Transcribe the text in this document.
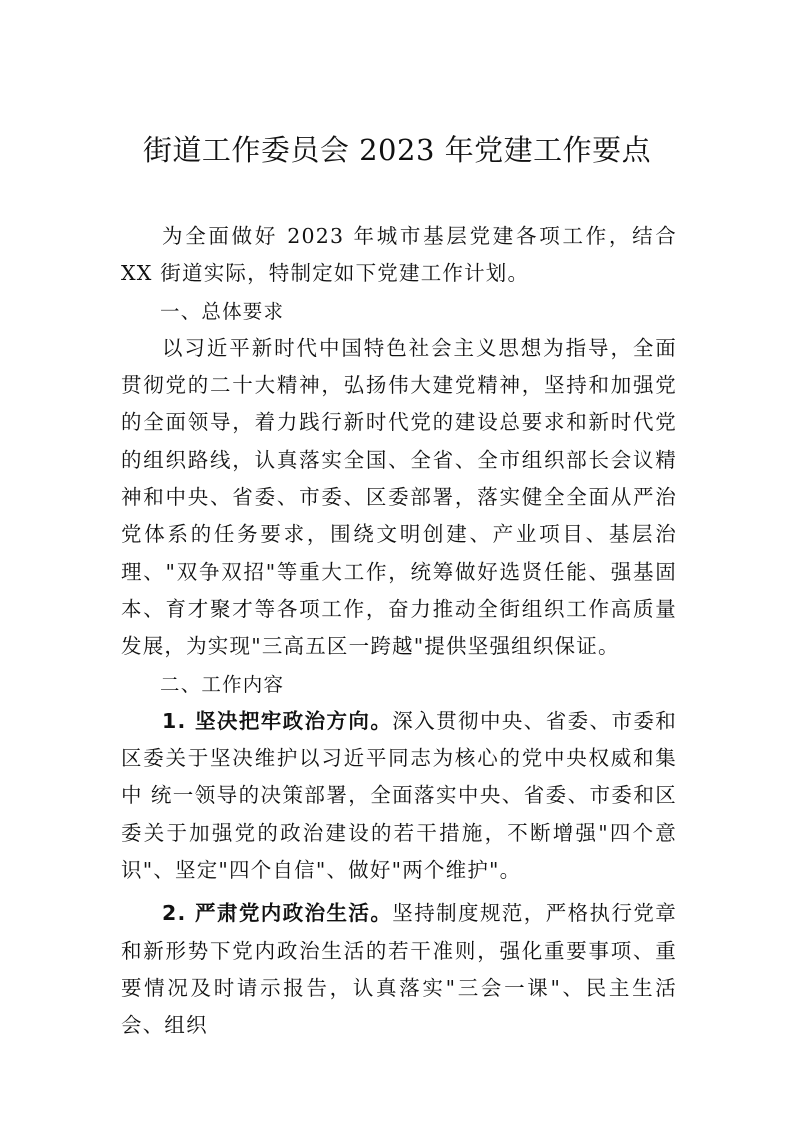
街道工作委员会 2023 年党建工作要点

为全面做好 2023 年城市基层党建各项工作，结合 XX 街道实际，特制定如下党建工作计划。

一、总体要求

以习近平新时代中国特色社会主义思想为指导，全面贯彻党的二十大精神，弘扬伟大建党精神，坚持和加强党的全面领导，着力践行新时代党的建设总要求和新时代党的组织路线，认真落实全国、全省、全市组织部长会议精神和中央、省委、市委、区委部署，落实健全全面从严治党体系的任务要求，围绕文明创建、产业项目、基层治理、"双争双招"等重大工作，统筹做好选贤任能、强基固本、育才聚才等各项工作，奋力推动全街组织工作高质量发展，为实现"三高五区一跨越"提供坚强组织保证。

二、工作内容

1. 坚决把牢政治方向。深入贯彻中央、省委、市委和区委关于坚决维护以习近平同志为核心的党中央权威和集中 统一领导的决策部署，全面落实中央、省委、市委和区委关于加强党的政治建设的若干措施，不断增强"四个意识"、坚定"四个自信"、做好"两个维护"。

2. 严肃党内政治生活。坚持制度规范，严格执行党章和新形势下党内政治生活的若干准则，强化重要事项、重要情况及时请示报告，认真落实"三会一课"、民主生活会、组织
